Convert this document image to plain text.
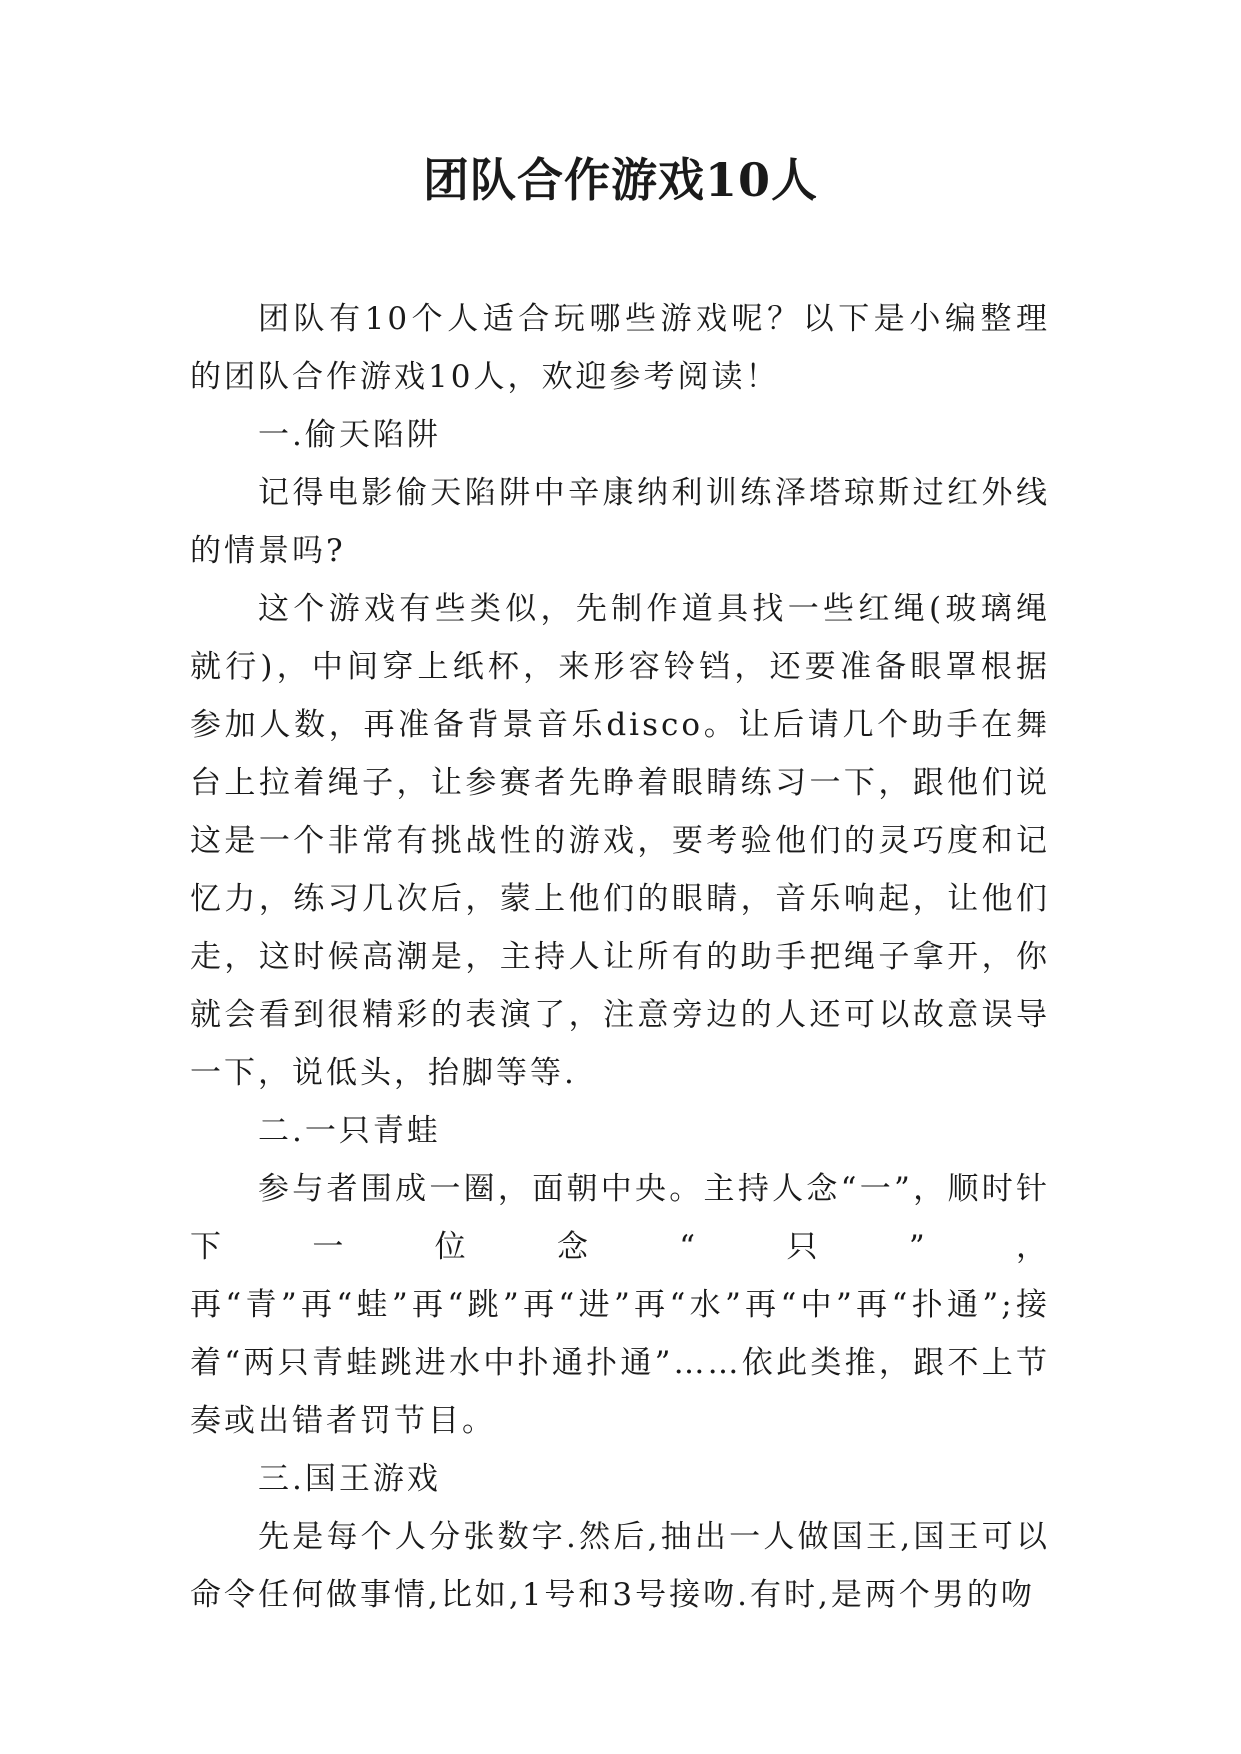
团队合作游戏10人

团队有10个人适合玩哪些游戏呢？以下是小编整理的团队合作游戏10人，欢迎参考阅读！

一.偷天陷阱

记得电影偷天陷阱中辛康纳利训练泽塔琼斯过红外线的情景吗?

这个游戏有些类似，先制作道具找一些红绳(玻璃绳就行)，中间穿上纸杯，来形容铃铛，还要准备眼罩根据参加人数，再准备背景音乐disco。让后请几个助手在舞台上拉着绳子，让参赛者先睁着眼睛练习一下，跟他们说这是一个非常有挑战性的游戏，要考验他们的灵巧度和记忆力，练习几次后，蒙上他们的眼睛，音乐响起，让他们走，这时候高潮是，主持人让所有的助手把绳子拿开，你就会看到很精彩的表演了，注意旁边的人还可以故意误导一下，说低头，抬脚等等.

二.一只青蛙

参与者围成一圈，面朝中央。主持人念“一”，顺时针下一位念“只”，再“青”再“蛙”再“跳”再“进”再“水”再“中”再“扑通”;接着“两只青蛙跳进水中扑通扑通”……依此类推，跟不上节奏或出错者罚节目。

三.国王游戏

先是每个人分张数字.然后,抽出一人做国王,国王可以命令任何做事情,比如,1号和3号接吻.有时,是两个男的吻
